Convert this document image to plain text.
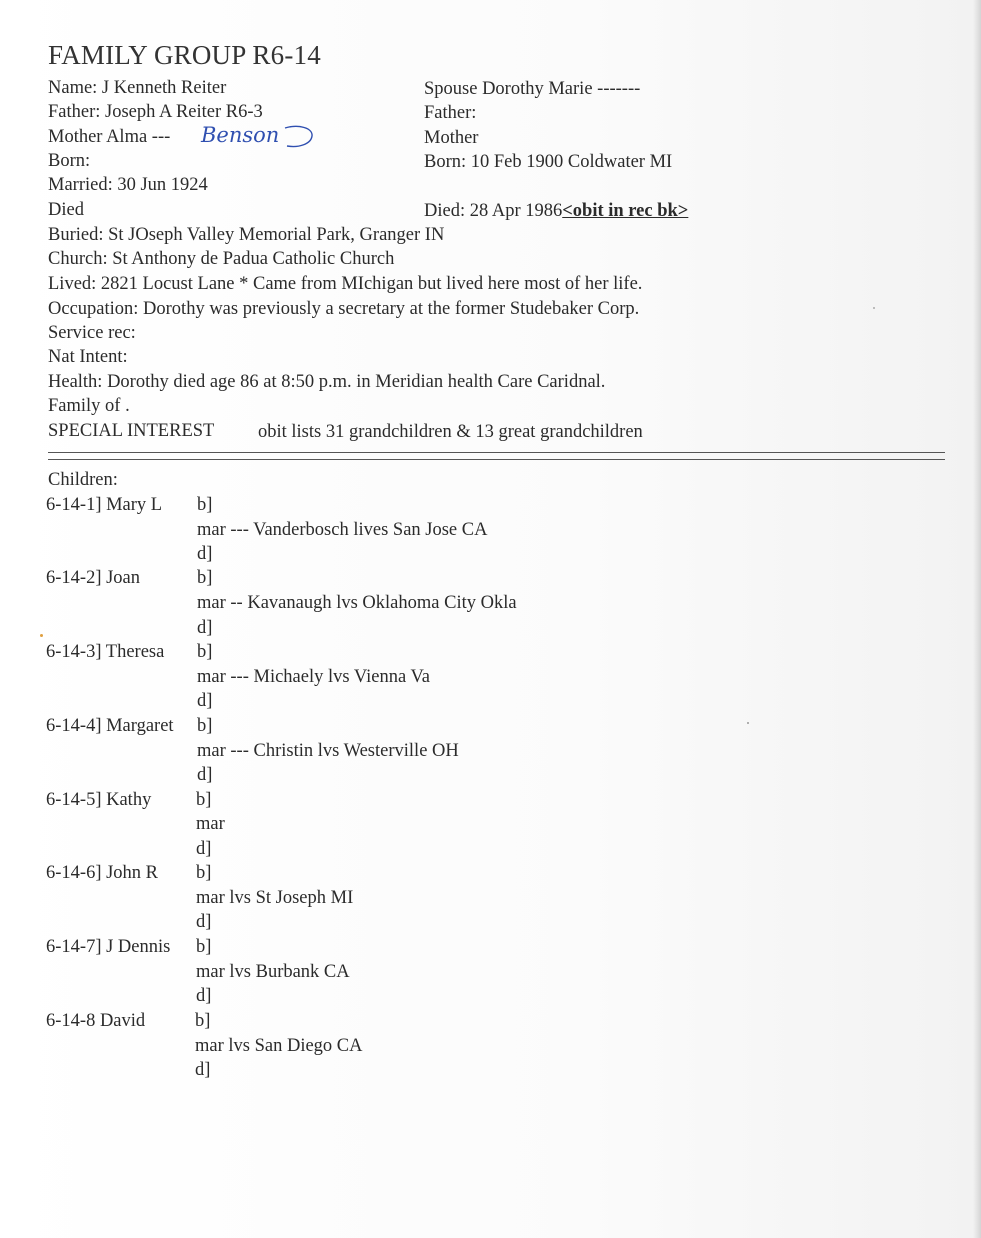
FAMILY GROUP R6-14
Name: J Kenneth Reiter
Father: Joseph A Reiter R6-3
Mother Alma --- Benson
Born:
Married: 30 Jun 1924
Died
Spouse Dorothy Marie -------
Father:
Mother
Born: 10 Feb 1900 Coldwater MI
Died: 28 Apr 1986<obit in rec bk>
Buried: St JOseph Valley Memorial Park, Granger IN
Church: St Anthony de Padua Catholic Church
Lived: 2821 Locust Lane * Came from MIchigan but lived here most of her life.
Occupation: Dorothy was previously a secretary at the former Studebaker Corp.
Service rec:
Nat Intent:
Health: Dorothy died age 86 at 8:50 p.m. in Meridian health Care Caridnal.
Family of .
SPECIAL INTEREST obit lists 31 grandchildren & 13 great grandchildren
Children:
6-14-1] Mary L b]
mar --- Vanderbosch lives San Jose CA
d]
6-14-2] Joan	b]
mar -- Kavanaugh lvs Oklahoma City Okla
d]
6-14-3] Theresa b]
mar --- Michaely lvs Vienna Va
d]
6-14-4] Margaret b]
mar --- Christin lvs Westerville OH
d]
6-14-5] Kathy b]
mar
d]
6-14-6] John R b]
mar lvs St Joseph MI
d]
6-14-7] J Dennis b]
mar lvs Burbank CA
d]
6-14-8 David	b]
mar lvs San Diego CA
d]
